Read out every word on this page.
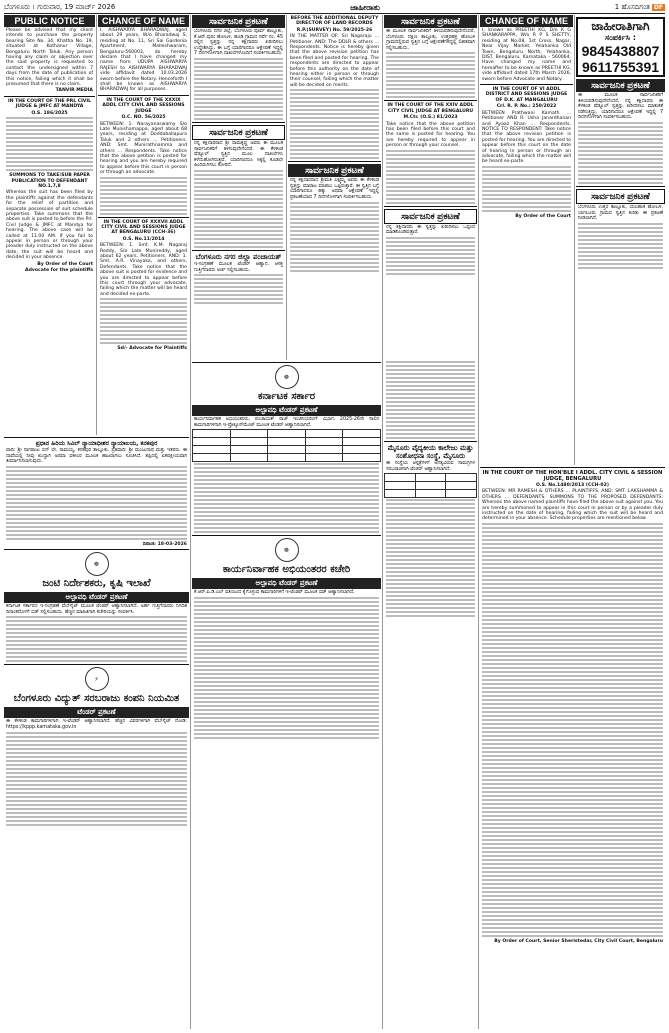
ಬೆಂಗಳೂರು । ಗುರುವಾರ, 19 ಮಾರ್ಚ್ 2026	ಜಾಹೀರಾತು	1 ಹೊಸದಿಗಂತ DF
PUBLIC NOTICE
Please be advised that my client intends to purchase the property bearing Site No. 34, Khatha No. 19, situated at Kothanur Village, Bengaluru North Taluk. Any person having any claim or objection over the said property is requested to contact the undersigned within 7 days from the date of publication of this notice, failing which it shall be presumed that there is no claim.
TANVIR MEDIA
IN THE COURT OF THE PRL CIVIL JUDGE & JMFC AT MANDYA
O.S. 186/2025
SUMMONS TO TAKE/SUB PAPER PUBLICATION TO DEFENDANT NO.1,7,8
Whereas the suit has been filed by the plaintiffs against the defendants for the relief of partition and separate possession of suit schedule properties. Take summons that the above suit is posted to before the Prl. Civil Judge & JMFC at Mandya for hearing. The above case will be called at 11.00 AM. If you fail to appear in person or through your pleader duly instructed on the above date, the suit will be heard and decided in your absence.
By Order of the Court
Advocate for the plaintiffs
CHANGE OF NAME
I, AISHWARYA BHARADWAJ, aged about 29 years, W/o Bharadwaj S, residing at No. 11, Sri Sai Gardenia Apartment, Malleshwaram, Bengaluru-560003, do hereby declare that I have changed my name from UDUPA AISHWARYA RAJESH to AISHWARYA BHARADWAJ vide affidavit dated 10.03.2026 sworn before the Notary. Henceforth I shall be known as AISHWARYA BHARADWAJ for all purposes.
IN THE COURT OF THE XXXIX ADDL CITY CIVIL AND SESSIONS JUDGE
O.C. NO. 56/2025
BETWEEN: 1. Narayanaswamy S/o Late Munishamappa, aged about 68 years, residing at Doddaballapura Taluk and 2 others ... Petitioners. AND: Smt. Munirathnamma and others ... Respondents. Take notice that the above petition is posted for hearing and you are hereby required to appear before this court in person or through an advocate.
IN THE COURT OF XXXVII ADDL CITY CIVIL AND SESSIONS JUDGE AT BENGALURU (CCH-36)
O.S. No.11/2014
BETWEEN: 1. Smt. K.M. Nagaraj Reddy, S/o Late Munireddy, aged about 62 years, Petitioners. AND: 1. Smt. A.R. Vinayaka, and others, Defendants. Take notice that the above suit is posted for evidence and you are directed to appear before this court through your advocate, failing which the matter will be heard and decided ex-parte.
Sd/- Advocate for Plaintiffs
ಸಾರ್ವಜನಿಕ ಪ್ರಕಟಣೆ
ಬೆಂಗಳೂರು ನಗರ ಜಿಲ್ಲೆ, ಬೆಂಗಳೂರು ಪೂರ್ವ ತಾಲ್ಲೂಕು, ಕೆ.ಆರ್.ಪುರಂ ಹೋಬಳಿ, ಹೂಡಿ ಗ್ರಾಮದ ಸರ್ವೆ ನಂ. 45 ರಲ್ಲಿನ ಸ್ವತ್ತನ್ನು ನನ್ನ ಕಕ್ಷಿದಾರರು ಖರೀದಿಸಲು ಉದ್ದೇಶಿಸಿದ್ದು, ಈ ಬಗ್ಗೆ ಯಾರಿಗಾದರೂ ಆಕ್ಷೇಪಣೆ ಇದ್ದಲ್ಲಿ 7 ದಿನಗಳೊಳಗಾಗಿ ದಾಖಲೆಗಳೊಂದಿಗೆ ಸಂಪರ್ಕಿಸಬಹುದು.
ಸಾರ್ವಜನಿಕ ಪ್ರಕಟಣೆ
ನನ್ನ ಕಕ್ಷಿದಾರರಾದ ಶ್ರೀ ರಾಮಕೃಷ್ಣ ಅವರು ಈ ಮೂಲಕ ಸಾರ್ವಜನಿಕರಿಗೆ ತಿಳಿಸುವುದೇನೆಂದರೆ, ಈ ಕೆಳಕಂಡ ಷೆಡ್ಯೂಲ್ ಸ್ವತ್ತಿನ ಮೂಲ ದಾಖಲೆಗಳು ಕಳೆದುಹೋಗಿರುತ್ತವೆ. ಯಾರಿಗಾದರೂ ಸಿಕ್ಕಲ್ಲಿ ಕೂಡಲೇ ಹಿಂದಿರುಗಿಸಲು ಕೋರಿದೆ.
ಬೆಂಗಳೂರು ನಗರ ಜಿಲ್ಲಾ ಪಂಚಾಯತ್
ಇ-ಸಂಗ್ರಹಣೆ ಮೂಲಕ ಟೆಂಡರ್ ಆಹ್ವಾನ. ಆಸಕ್ತ ಗುತ್ತಿಗೆದಾರರು ಅರ್ಜಿ ಸಲ್ಲಿಸಬಹುದು.
BEFORE THE ADDITIONAL DEPUTY DIRECTOR OF LAND RECORDS
R.P.(SURVEY) No. 59/2025-26
IN THE MATTER OF: Sri Nagaraju ... Petitioner. AND: The DDLR & others ... Respondents. Notice is hereby given that the above revision petition has been filed and posted for hearing. The respondents are directed to appear before this authority on the date of hearing either in person or through their counsel, failing which the matter will be decided on merits.
ಸಾರ್ವಜನಿಕ ಪ್ರಕಟಣೆ
ನನ್ನ ಕಕ್ಷಿದಾರರಾದ ಶ್ರೀಮತಿ ಲಕ್ಷ್ಮಮ್ಮ ಅವರು ಈ ಕೆಳಕಂಡ ಸ್ವತ್ತನ್ನು ಮಾರಾಟ ಮಾಡಲು ಒಪ್ಪಿರುತ್ತಾರೆ. ಈ ಸ್ವತ್ತಿನ ಬಗ್ಗೆ ಯಾರಿಗಾದರೂ ಹಕ್ಕು ಅಥವಾ ಆಕ್ಷೇಪಣೆ ಇದ್ದಲ್ಲಿ ಪ್ರಕಟಣೆಯಾದ 7 ದಿನಗಳೊಳಗಾಗಿ ಸಂಪರ್ಕಿಸಬಹುದು.
ಸಾರ್ವಜನಿಕ ಪ್ರಕಟಣೆ
ಈ ಮೂಲಕ ಸಾರ್ವಜನಿಕರಿಗೆ ತಿಳಿಯಪಡಿಸುವುದೇನೆಂದರೆ, ಬೆಂಗಳೂರು ದಕ್ಷಿಣ ತಾಲ್ಲೂಕು, ಉತ್ತರಹಳ್ಳಿ ಹೋಬಳಿ ಗ್ರಾಮದಲ್ಲಿರುವ ಸ್ವತ್ತಿನ ಬಗ್ಗೆ ಆಕ್ಷೇಪಣೆಗಳಿದ್ದಲ್ಲಿ ಲಿಖಿತವಾಗಿ ಸಲ್ಲಿಸಬಹುದು.
IN THE COURT OF THE XXIV ADDL CITY CIVIL JUDGE AT BENGALURU
M.Ctr. (O.S.) 81/2023
Take notice that the above petition has been filed before this court and the same is posted for hearing. You are hereby required to appear in person or through your counsel.
ಸಾರ್ವಜನಿಕ ಪ್ರಕಟಣೆ
ನನ್ನ ಕಕ್ಷಿದಾರರು ಈ ಸ್ವತ್ತನ್ನು ಖರೀದಿಸಲು ಒಪ್ಪಂದ ಮಾಡಿಕೊಂಡಿರುತ್ತಾರೆ.
CHANGE OF NAME
I, known as PREETHI KG, D/o K G SHANKARAPPA, W/o R P S SHETTY, residing at No.08, 1st Cross, Nagar, Near Vijay Market, Yelahanka Old Town, Bengaluru North, Yelahanka, DIST. Bengaluru, Karnataka - 560064. Have changed my name and hereafter to be known as PREETHI KG, vide affidavit dated 17th March 2026, sworn before Advocate and Notary.
IN THE COURT OF VI ADDL DISTRICT AND SESSIONS JUDGE OF D.K. AT MANGALURU
Crl. R. P. No.: 250/2022
BETWEEN Prathwani Kamath ... Petitioner AND R. Usha Janardhanan and Ayaaz Khan ... Respondents. NOTICE TO RESPONDENT: Take notice that the above revision petition is posted for hearing. You are directed to appear before this court on the date of hearing in person or through an advocate, failing which the matter will be heard ex-parte.
By Order of the Court
ಜಾಹೀರಾತಿಗಾಗಿ
ಸಂಪರ್ಕಿಸಿ :
9845438807
9611755391
ಸಾರ್ವಜನಿಕ ಪ್ರಕಟಣೆ
ಈ ಮೂಲಕ ಸಾರ್ವಜನಿಕರಿಗೆ ತಿಳಿಯಪಡಿಸುವುದೇನೆಂದರೆ, ನನ್ನ ಕಕ್ಷಿದಾರರು ಈ ಕೆಳಕಂಡ ಷೆಡ್ಯೂಲ್ ಸ್ವತ್ತನ್ನು ಖರೀದಿಸಲು ಮಾತುಕತೆ ನಡೆಸುತ್ತಿದ್ದು, ಯಾರಿಗಾದರೂ ಆಕ್ಷೇಪಣೆ ಇದ್ದಲ್ಲಿ 7 ದಿನಗಳೊಳಗಾಗಿ ಸಂಪರ್ಕಿಸಬಹುದು.
ಸಾರ್ವಜನಿಕ ಪ್ರಕಟಣೆ
ಬೆಂಗಳೂರು ಉತ್ತರ ತಾಲ್ಲೂಕು, ಯಲಹಂಕ ಹೋಬಳಿ, ಬಾಗಲೂರು ಗ್ರಾಮದ ಸ್ವತ್ತಿನ ಕುರಿತು ಈ ಪ್ರಕಟಣೆ ನೀಡಲಾಗಿದೆ.
ಪ್ರಧಾನ ಹಿರಿಯ ಸಿವಿಲ್ ನ್ಯಾಯಾಧೀಶರ ನ್ಯಾಯಾಲಯ, ಕನಕಪುರ
ವಾದಿ: ಶ್ರೀ ನಾಗರಾಜು ಬಿನ್ ಲೇ. ರಾಮಯ್ಯ, ಕನಕಪುರ ತಾಲ್ಲೂಕು. ಪ್ರತಿವಾದಿ: ಶ್ರೀ ಮಂಜುನಾಥ ಮತ್ತು ಇತರರು. ಈ ದಾವೆಯಲ್ಲಿ ನೀವು ಖುದ್ದಾಗಿ ಅಥವಾ ವಕೀಲರ ಮೂಲಕ ಹಾಜರಾಗಲು ಸೂಚಿಸಿದೆ. ತಪ್ಪಿದಲ್ಲಿ ಏಕಪಕ್ಷೀಯವಾಗಿ ತೀರ್ಮಾನಿಸಲಾಗುವುದು.
ದಿನಾಂಕ: 18-03-2026
☸
ಜಂಟಿ ನಿರ್ದೇಶಕರು, ಕೃಷಿ ಇಲಾಖೆ
ಅಲ್ಪಾವಧಿ ಟೆಂಡರ್ ಪ್ರಕಟಣೆ
ಕರ್ನಾಟಕ ಸರ್ಕಾರದ ಇ-ಸಂಗ್ರಹಣೆ ವೆಬ್‌ಸೈಟ್ ಮೂಲಕ ಟೆಂಡರ್ ಆಹ್ವಾನಿಸಲಾಗಿದೆ. ಅರ್ಹ ಗುತ್ತಿಗೆದಾರರು ನಿಗದಿತ ದಿನಾಂಕದೊಳಗೆ ಬಿಡ್ ಸಲ್ಲಿಸಬಹುದು. ಹೆಚ್ಚಿನ ಮಾಹಿತಿಗಾಗಿ ಕಚೇರಿಯನ್ನು ಸಂಪರ್ಕಿಸಿ.
⚡
ಬೆಂಗಳೂರು ವಿದ್ಯುತ್ ಸರಬರಾಜು ಕಂಪನಿ ನಿಯಮಿತ
ಟೆಂಡರ್ ಪ್ರಕಟಣೆ
ಈ ಕೆಳಕಂಡ ಕಾಮಗಾರಿಗಳಿಗಾಗಿ ಇ-ಟೆಂಡರ್ ಆಹ್ವಾನಿಸಲಾಗಿದೆ. ಹೆಚ್ಚಿನ ವಿವರಗಳಿಗಾಗಿ ವೆಬ್‌ಸೈಟ್ ನೋಡಿ: https://kppp.karnataka.gov.in
☸
ಕರ್ನಾಟಕ ಸರ್ಕಾರ
ಅಲ್ಪಾವಧಿ ಟೆಂಡರ್ ಪ್ರಕಟಣೆ
ಕಾರ್ಯನಿರ್ವಾಹಕ ಅಭಿಯಂತರರು, ಪಂಚಾಯತ್ ರಾಜ್ ಇಂಜಿನಿಯರಿಂಗ್ ವಿಭಾಗ. 2025-26ನೇ ಸಾಲಿನ ಕಾಮಗಾರಿಗಳಿಗಾಗಿ ಇ-ಪ್ರೊಕ್ಯೂರ್‌ಮೆಂಟ್ ಮೂಲಕ ಟೆಂಡರ್ ಆಹ್ವಾನಿಸಲಾಗಿದೆ.

☸
ಕಾರ್ಯನಿರ್ವಾಹಕ ಅಭಿಯಂತರರ ಕಚೇರಿ
ಅಲ್ಪಾವಧಿ ಟೆಂಡರ್ ಪ್ರಕಟಣೆ
ಕೆ.ಆರ್.ಐ.ಡಿ.ಎಲ್ ವತಿಯಿಂದ ಕೈಗೊಳ್ಳುವ ಕಾಮಗಾರಿಗಳಿಗೆ ಇ-ಟೆಂಡರ್ ಮೂಲಕ ಬಿಡ್ ಆಹ್ವಾನಿಸಲಾಗಿದೆ.
ಮೈಸೂರು ವೈದ್ಯಕೀಯ ಕಾಲೇಜು ಮತ್ತು ಸಂಶೋಧನಾ ಸಂಸ್ಥೆ, ಮೈಸೂರು
ಈ ಸಂಸ್ಥೆಯ ಆಸ್ಪತ್ರೆಗಳಿಗೆ ಅಗತ್ಯವಿರುವ ಸಾಮಗ್ರಿಗಳ ಸರಬರಾಜಿಗಾಗಿ ಟೆಂಡರ್ ಆಹ್ವಾನಿಸಲಾಗಿದೆ.

IN THE COURT OF THE HON'BLE I ADDL. CITY CIVIL & SESSION JUDGE, BENGALURU
O.S. No.1480/2013 (CCH-02)
BETWEEN: MR RAMESH & OTHERS ... PLAINTIFFS. AND: SMT. LAKSHAMMA & OTHERS ... DEFENDANTS. SUMMONS TO THE PROPOSED DEFENDANTS: Whereas the above named plaintiffs have filed the above suit against you. You are hereby summoned to appear in this court in person or by a pleader duly instructed on the date of hearing, failing which the suit will be heard and determined in your absence. Schedule properties are mentioned below.
By Order of Court, Senior Sheristedar, City Civil Court, Bengaluru
